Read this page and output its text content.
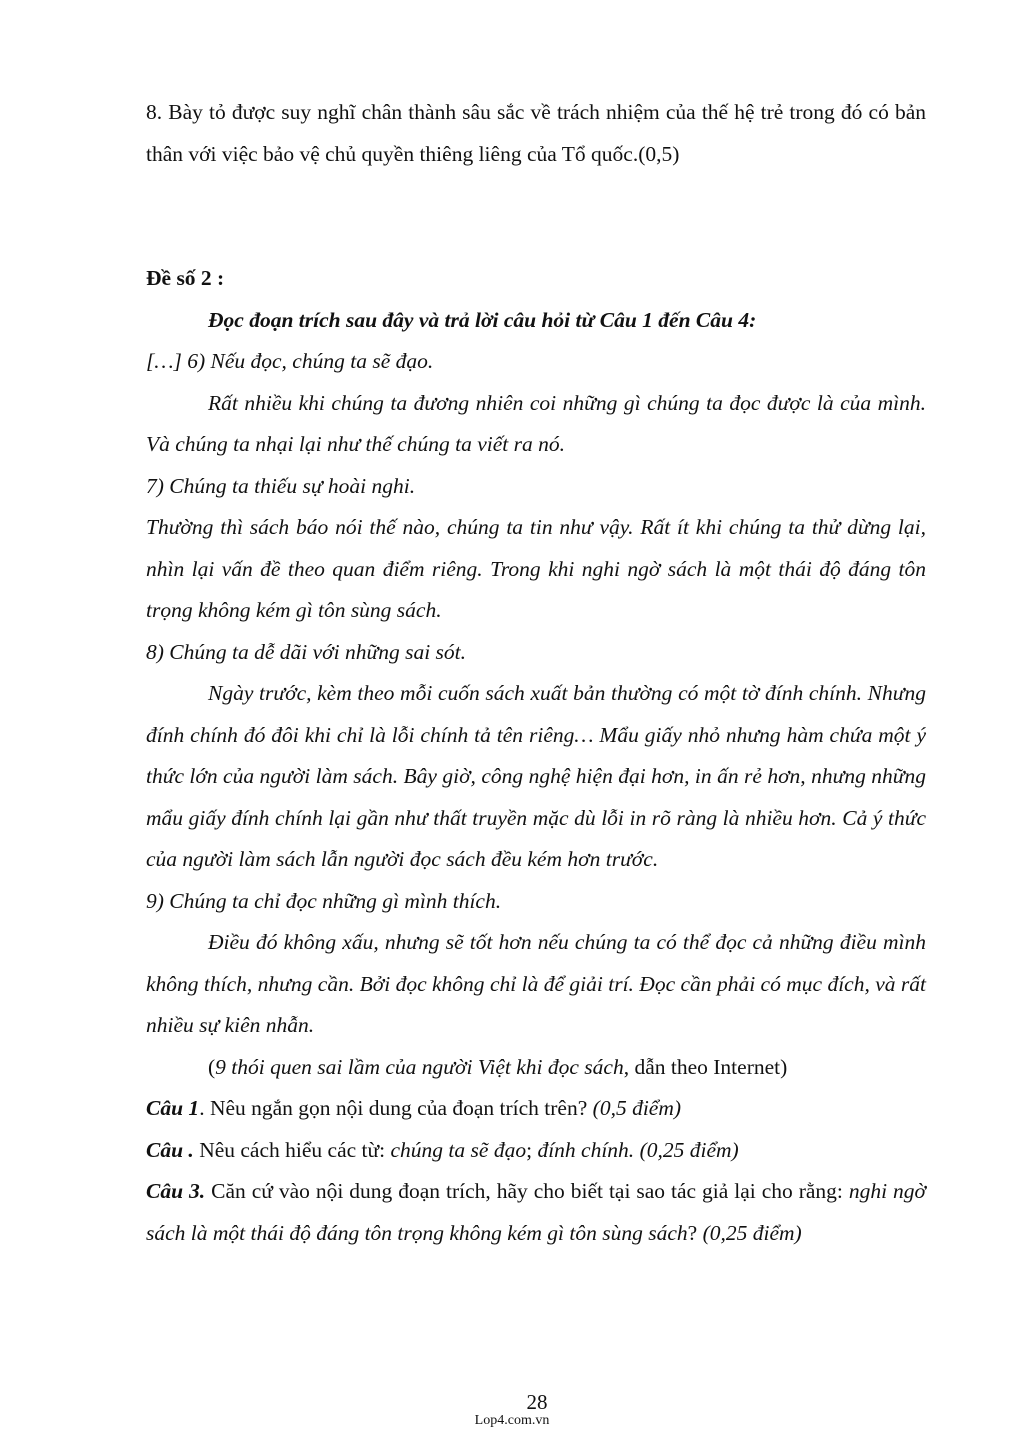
8. Bày tỏ được suy nghĩ chân thành sâu sắc về trách nhiệm của thế hệ trẻ trong đó có bản thân với việc bảo vệ chủ quyền thiêng liêng của Tổ quốc.(0,5)

Đề số 2 :

Đọc đoạn trích sau đây và trả lời câu hỏi từ Câu 1 đến Câu 4:

[…] 6) Nếu đọc, chúng ta sẽ đạo.

Rất nhiều khi chúng ta đương nhiên coi những gì chúng ta đọc được là của mình. Và chúng ta nhại lại như thế chúng ta viết ra nó.

7) Chúng ta thiếu sự hoài nghi.

Thường thì sách báo nói thế nào, chúng ta tin như vậy. Rất ít khi chúng ta thử dừng lại, nhìn lại vấn đề theo quan điểm riêng. Trong khi nghi ngờ sách là một thái độ đáng tôn trọng không kém gì tôn sùng sách.

8) Chúng ta dễ dãi với những sai sót.

Ngày trước, kèm theo mỗi cuốn sách xuất bản thường có một tờ đính chính. Nhưng đính chính đó đôi khi chỉ là lỗi chính tả tên riêng… Mẩu giấy nhỏ nhưng hàm chứa một ý thức lớn của người làm sách. Bây giờ, công nghệ hiện đại hơn, in ấn rẻ hơn, nhưng những mẩu giấy đính chính lại gần như thất truyền mặc dù lỗi in rõ ràng là nhiều hơn. Cả ý thức của người làm sách lẫn người đọc sách đều kém hơn trước.

9) Chúng ta chỉ đọc những gì mình thích.

Điều đó không xấu, nhưng sẽ tốt hơn nếu chúng ta có thể đọc cả những điều mình không thích, nhưng cần. Bởi đọc không chỉ là để giải trí. Đọc cần phải có mục đích, và rất nhiều sự kiên nhẫn.

(9 thói quen sai lầm của người Việt khi đọc sách, dẫn theo Internet)

Câu 1. Nêu ngắn gọn nội dung của đoạn trích trên? (0,5 điểm)

Câu . Nêu cách hiểu các từ: chúng ta sẽ đạo; đính chính. (0,25 điểm)

Câu 3. Căn cứ vào nội dung đoạn trích, hãy cho biết tại sao tác giả lại cho rằng: nghi ngờ sách là một thái độ đáng tôn trọng không kém gì tôn sùng sách? (0,25 điểm)

28
Lop4.com.vn
